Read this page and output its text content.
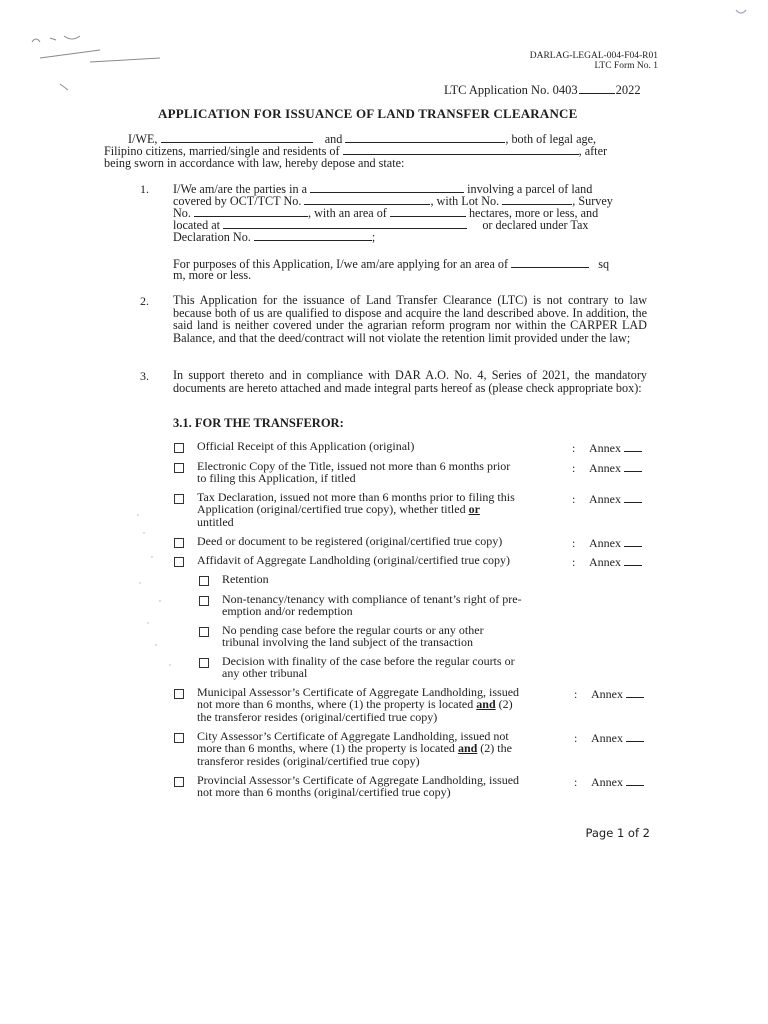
DARLAG-LEGAL-004-F04-R01
LTC Form No. 1
LTC Application No. 0403	2022
APPLICATION FOR ISSUANCE OF LAND TRANSFER CLEARANCE
I/WE,	and	, both of legal age,
Filipino citizens, married/single and residents of	, after
being sworn in accordance with law, hereby depose and state:
1. I/We am/are the parties in a	involving a parcel of land
covered by OCT/TCT No.	, with Lot No.	, Survey
No.	, with an area of	hectares, more or less, and
located at	or declared under Tax
Declaration No.	;
For purposes of this Application, I/we am/are applying for an area of	sq
m, more or less.
2. This Application for the issuance of Land Transfer Clearance (LTC) is not contrary to law because both of us are qualified to dispose and acquire the land described above. In addition, the said land is neither covered under the agrarian reform program nor within the CARPER LAD Balance, and that the deed/contract will not violate the retention limit provided under the law;
3. In support thereto and in compliance with DAR A.O. No. 4, Series of 2021, the mandatory documents are hereto attached and made integral parts hereof as (please check appropriate box):
3.1. FOR THE TRANSFEROR:
Official Receipt of this Application (original)	: Annex
Electronic Copy of the Title, issued not more than 6 months prior
to filing this Application, if titled
: Annex
Tax Declaration, issued not more than 6 months prior to filing this
Application (original/certified true copy), whether titled or
untitled
: Annex
Deed or document to be registered (original/certified true copy)	: Annex
Affidavit of Aggregate Landholding (original/certified true copy)	: Annex
Retention
Non-tenancy/tenancy with compliance of tenant’s right of pre-
emption and/or redemption
No pending case before the regular courts or any other
tribunal involving the land subject of the transaction
Decision with finality of the case before the regular courts or
any other tribunal
Municipal Assessor’s Certificate of Aggregate Landholding, issued
not more than 6 months, where (1) the property is located and (2)
the transferor resides (original/certified true copy)
: Annex
City Assessor’s Certificate of Aggregate Landholding, issued not
more than 6 months, where (1) the property is located and (2) the
transferor resides (original/certified true copy)
: Annex
Provincial Assessor’s Certificate of Aggregate Landholding, issued
not more than 6 months (original/certified true copy)
: Annex
Page 1 of 2
